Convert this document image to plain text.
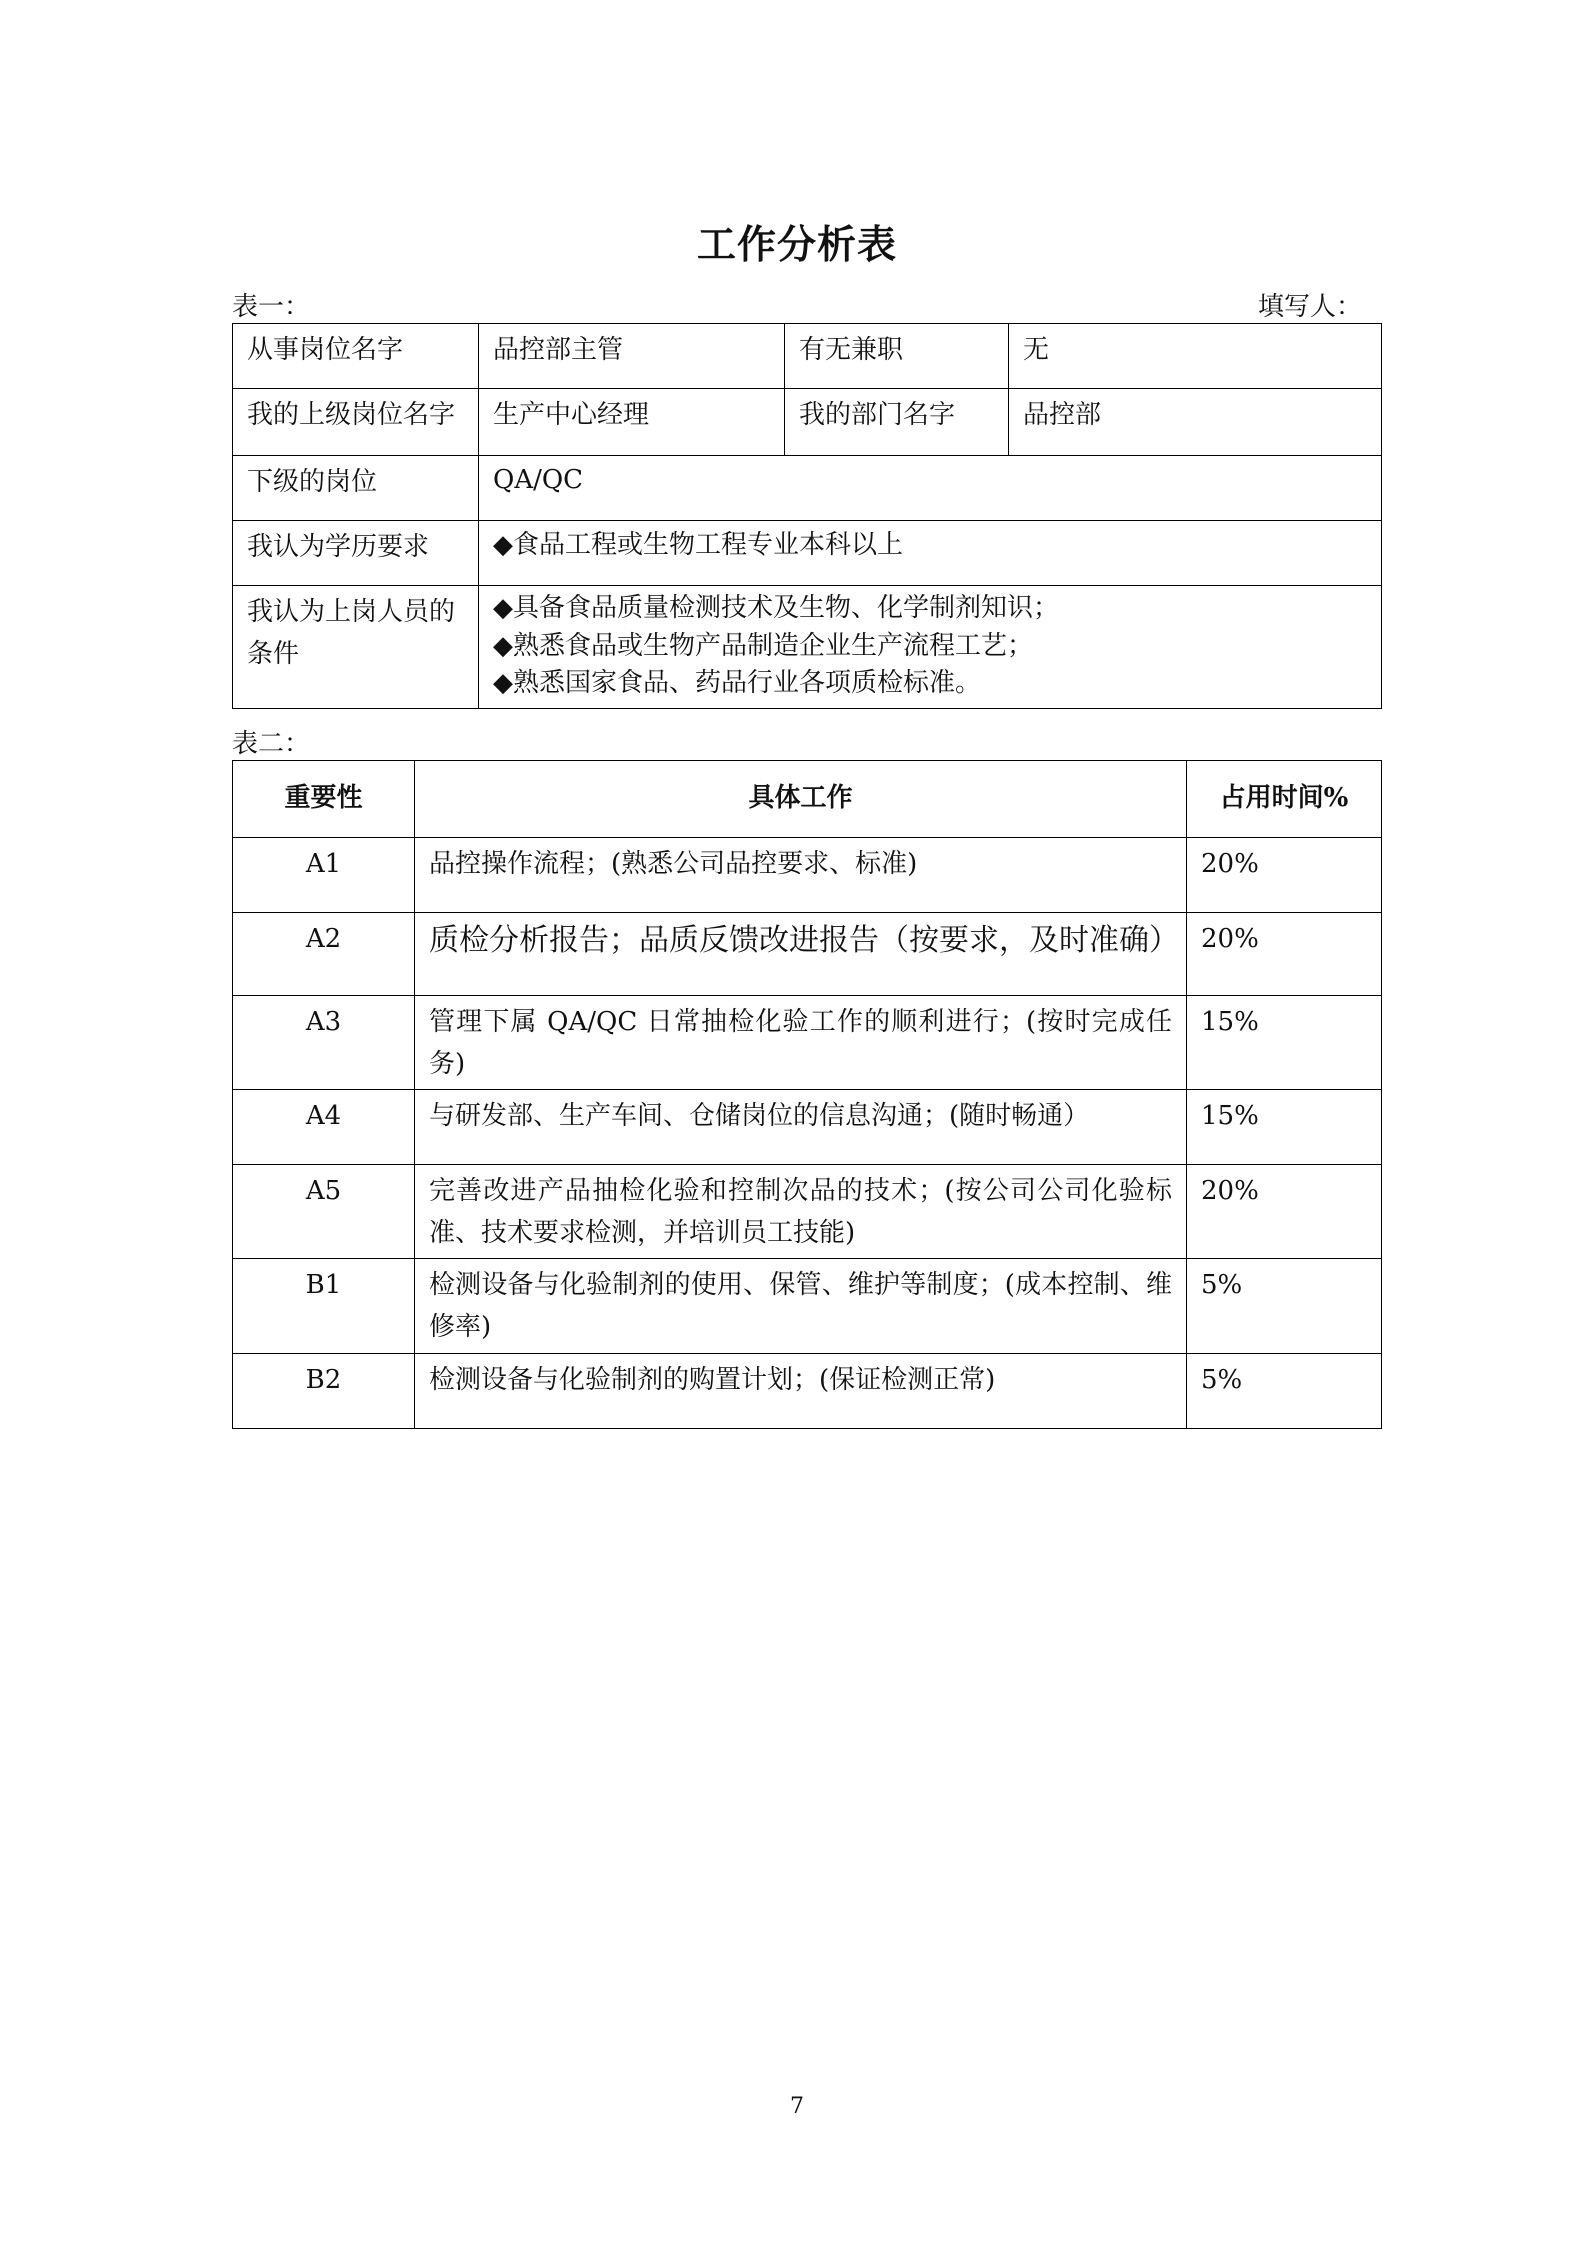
工作分析表
表一：	填写人：
从事岗位名字	品控部主管	有无兼职	无
我的上级岗位名字	生产中心经理	我的部门名字	品控部
下级的岗位	QA/QC		
我认为学历要求	◆食品工程或生物工程专业本科以上		
我认为上岗人员的条件	◆具备食品质量检测技术及生物、化学制剂知识；
◆熟悉食品或生物产品制造企业生产流程工艺；
◆熟悉国家食品、药品行业各项质检标准。		
表二：
重要性	具体工作	占用时间%
A1	品控操作流程；(熟悉公司品控要求、标准)	20%
A2	质检分析报告；品质反馈改进报告（按要求，及时准确）	20%
A3	管理下属 QA/QC 日常抽检化验工作的顺利进行；(按时完成任务)	15%
A4	与研发部、生产车间、仓储岗位的信息沟通；(随时畅通）	15%
A5	完善改进产品抽检化验和控制次品的技术；(按公司公司化验标准、技术要求检测，并培训员工技能)	20%
B1	检测设备与化验制剂的使用、保管、维护等制度；(成本控制、维修率)	5%
B2	检测设备与化验制剂的购置计划；(保证检测正常)	5%
7
